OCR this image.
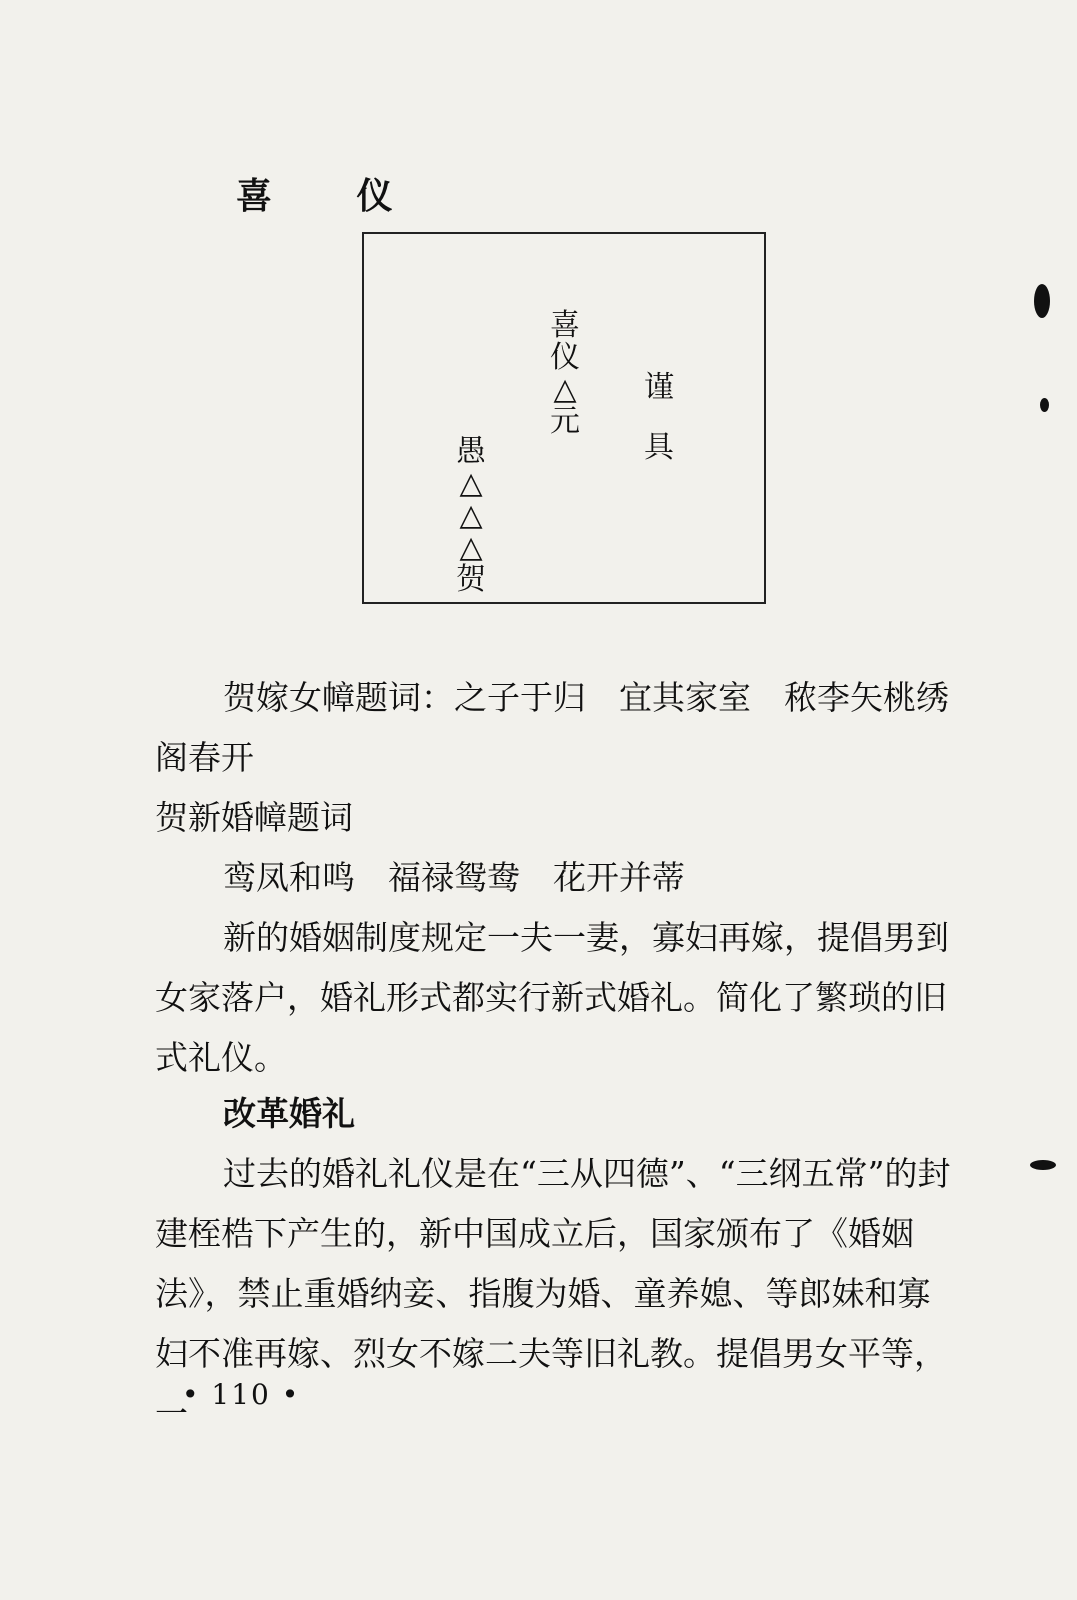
喜 仪
谨
具
喜
仪
△
元
愚
△
△
△
贺

贺嫁女幛题词：之子于归　宜其家室　秾李矢桃绣阁春开

贺新婚幛题词

鸾凤和鸣　福禄鸳鸯　花开并蒂

新的婚姻制度规定一夫一妻，寡妇再嫁，提倡男到女家落户，婚礼形式都实行新式婚礼。简化了繁琐的旧式礼仪。

改革婚礼

过去的婚礼礼仪是在“三从四德”、“三纲五常”的封建桎梏下产生的，新中国成立后，国家颁布了《婚姻法》，禁止重婚纳妾、指腹为婚、童养媳、等郎妹和寡妇不准再嫁、烈女不嫁二夫等旧礼教。提倡男女平等，一

• 110 •
